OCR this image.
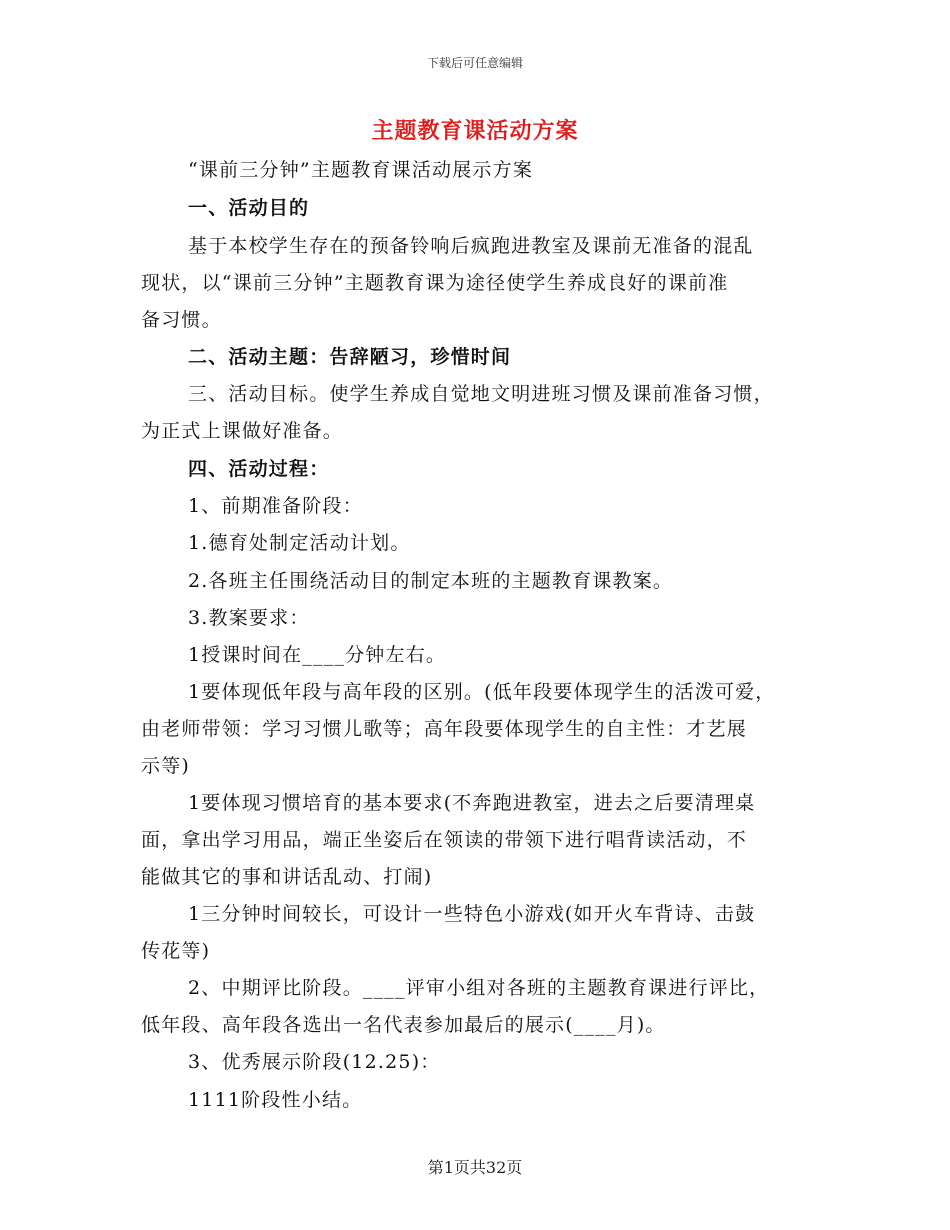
下载后可任意编辑
主题教育课活动方案
“课前三分钟”主题教育课活动展示方案
一、活动目的
基于本校学生存在的预备铃响后疯跑进教室及课前无准备的混乱
现状，以“课前三分钟”主题教育课为途径使学生养成良好的课前准
备习惯。
二、活动主题：告辞陋习，珍惜时间
三、活动目标。使学生养成自觉地文明进班习惯及课前准备习惯，
为正式上课做好准备。
四、活动过程：
1、前期准备阶段：
1.德育处制定活动计划。
2.各班主任围绕活动目的制定本班的主题教育课教案。
3.教案要求：
1授课时间在____分钟左右。
1要体现低年段与高年段的区别。(低年段要体现学生的活泼可爱，
由老师带领：学习习惯儿歌等；高年段要体现学生的自主性：才艺展
示等)
1要体现习惯培育的基本要求(不奔跑进教室，进去之后要清理桌
面，拿出学习用品，端正坐姿后在领读的带领下进行唱背读活动，不
能做其它的事和讲话乱动、打闹)
1三分钟时间较长，可设计一些特色小游戏(如开火车背诗、击鼓
传花等)
2、中期评比阶段。____评审小组对各班的主题教育课进行评比，
低年段、高年段各选出一名代表参加最后的展示(____月)。
3、优秀展示阶段(12.25)：
1111阶段性小结。
第1页共32页
